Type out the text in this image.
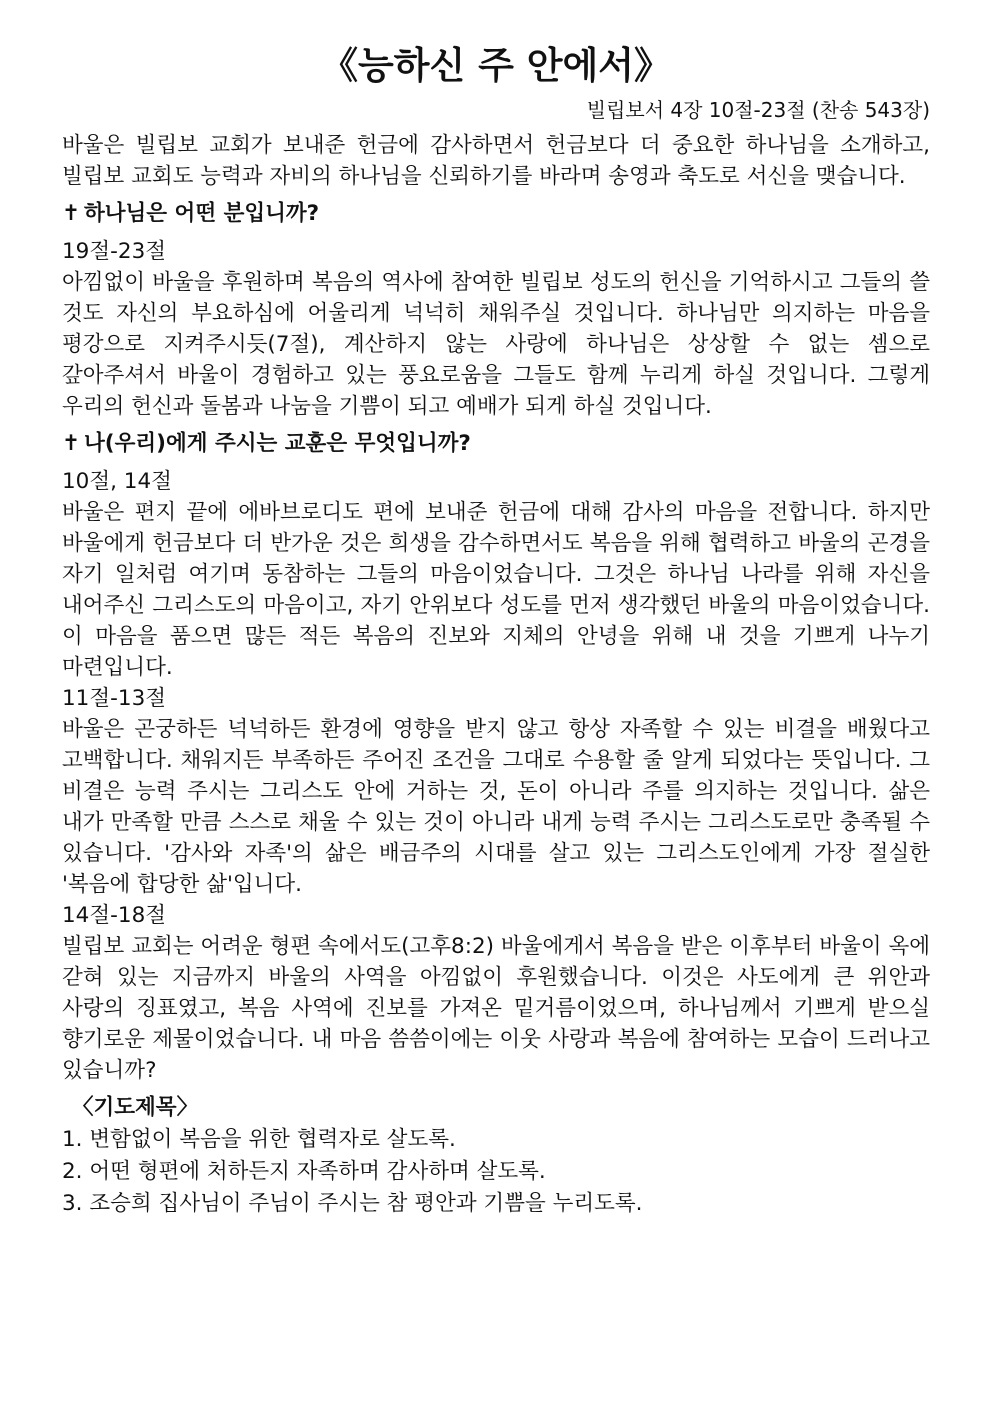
《능하신 주 안에서》
빌립보서 4장 10절-23절 (찬송 543장)

바울은 빌립보 교회가 보내준 헌금에 감사하면서 헌금보다 더 중요한 하나님을 소개하고, 빌립보 교회도 능력과 자비의 하나님을 신뢰하기를 바라며 송영과 축도로 서신을 맺습니다.

✝ 하나님은 어떤 분입니까?
19절-23절

아낌없이 바울을 후원하며 복음의 역사에 참여한 빌립보 성도의 헌신을 기억하시고 그들의 쓸 것도 자신의 부요하심에 어울리게 넉넉히 채워주실 것입니다. 하나님만 의지하는 마음을 평강으로 지켜주시듯(7절), 계산하지 않는 사랑에 하나님은 상상할 수 없는 셈으로 갚아주셔서 바울이 경험하고 있는 풍요로움을 그들도 함께 누리게 하실 것입니다. 그렇게 우리의 헌신과 돌봄과 나눔을 기쁨이 되고 예배가 되게 하실 것입니다.

✝ 나(우리)에게 주시는 교훈은 무엇입니까?
10절, 14절

바울은 편지 끝에 에바브로디도 편에 보내준 헌금에 대해 감사의 마음을 전합니다. 하지만 바울에게 헌금보다 더 반가운 것은 희생을 감수하면서도 복음을 위해 협력하고 바울의 곤경을 자기 일처럼 여기며 동참하는 그들의 마음이었습니다. 그것은 하나님 나라를 위해 자신을 내어주신 그리스도의 마음이고, 자기 안위보다 성도를 먼저 생각했던 바울의 마음이었습니다. 이 마음을 품으면 많든 적든 복음의 진보와 지체의 안녕을 위해 내 것을 기쁘게 나누기 마련입니다.

11절-13절

바울은 곤궁하든 넉넉하든 환경에 영향을 받지 않고 항상 자족할 수 있는 비결을 배웠다고 고백합니다. 채워지든 부족하든 주어진 조건을 그대로 수용할 줄 알게 되었다는 뜻입니다. 그 비결은 능력 주시는 그리스도 안에 거하는 것, 돈이 아니라 주를 의지하는 것입니다. 삶은 내가 만족할 만큼 스스로 채울 수 있는 것이 아니라 내게 능력 주시는 그리스도로만 충족될 수 있습니다. '감사와 자족'의 삶은 배금주의 시대를 살고 있는 그리스도인에게 가장 절실한 '복음에 합당한 삶'입니다.

14절-18절

빌립보 교회는 어려운 형편 속에서도(고후8:2) 바울에게서 복음을 받은 이후부터 바울이 옥에 갇혀 있는 지금까지 바울의 사역을 아낌없이 후원했습니다. 이것은 사도에게 큰 위안과 사랑의 징표였고, 복음 사역에 진보를 가져온 밑거름이었으며, 하나님께서 기쁘게 받으실 향기로운 제물이었습니다. 내 마음 씀씀이에는 이웃 사랑과 복음에 참여하는 모습이 드러나고 있습니까?

〈기도제목〉
1. 변함없이 복음을 위한 협력자로 살도록.
2. 어떤 형편에 처하든지 자족하며 감사하며 살도록.
3. 조승희 집사님이 주님이 주시는 참 평안과 기쁨을 누리도록.
